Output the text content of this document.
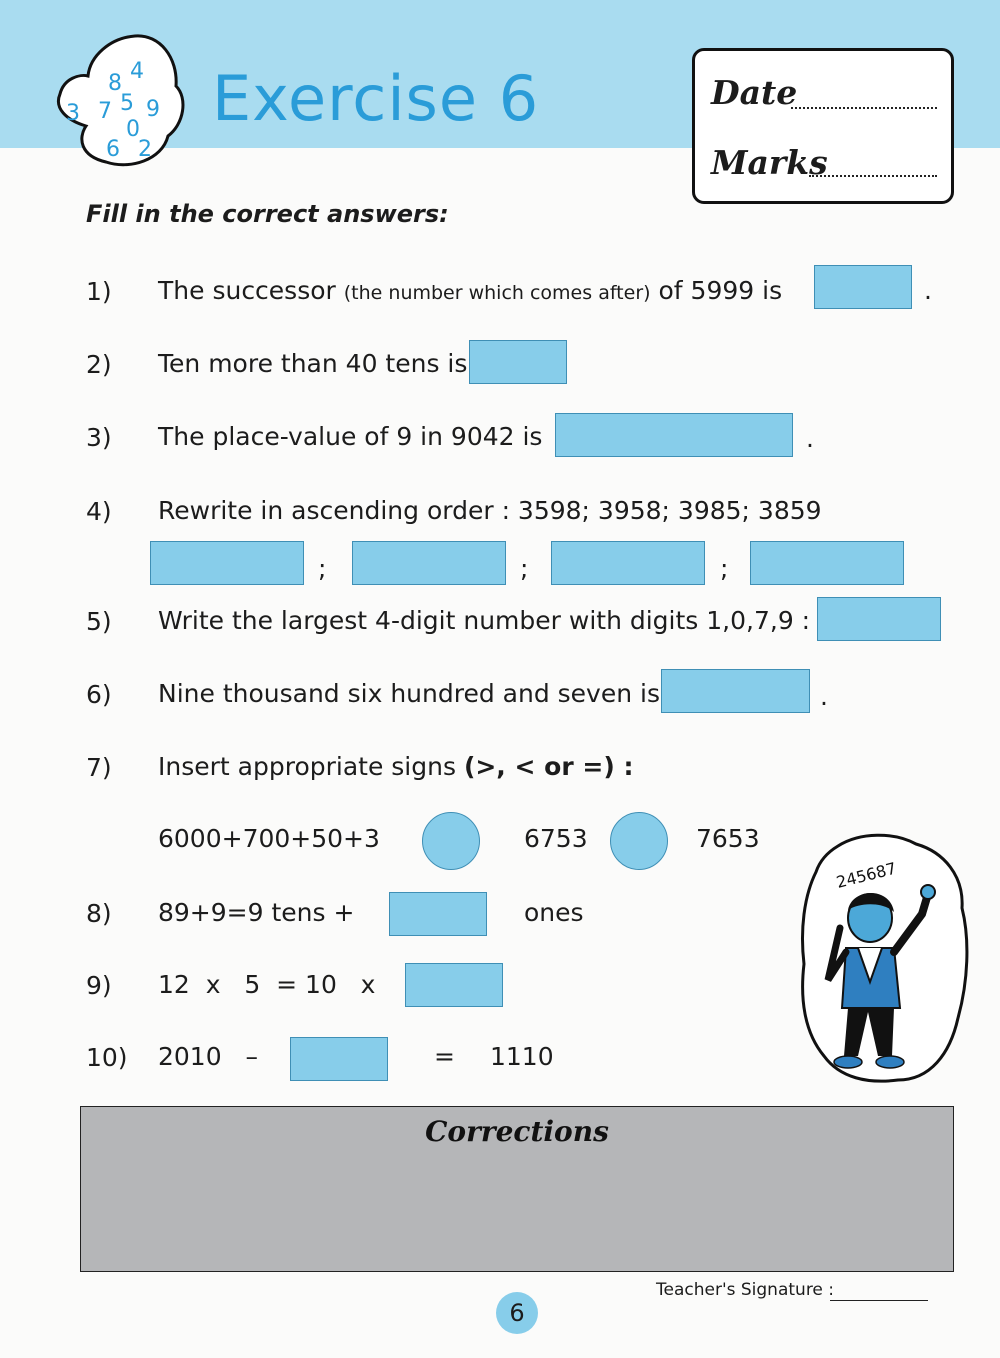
8 4
3 7 5 9
0
6 2
Exercise 6	Date
Marks
Fill in the correct answers:
1) The successor (the number which comes after) of 5999 is	.
2) Ten more than 40 tens is
3) The place-value of 9 in 9042 is	.
4) Rewrite in ascending order : 3598; 3958; 3985; 3859
;	;	;
5) Write the largest 4-digit number with digits 1,0,7,9 :
6) Nine thousand six hundred and seven is	.
7) Insert appropriate signs (>, < or =) :
6000+700+50+3	6753	7653
8) 89+9=9 tens +	ones
9) 12  x   5  = 10   x
10) 2010   –	= 1110
245687
Corrections
Teacher's Signature :
6
